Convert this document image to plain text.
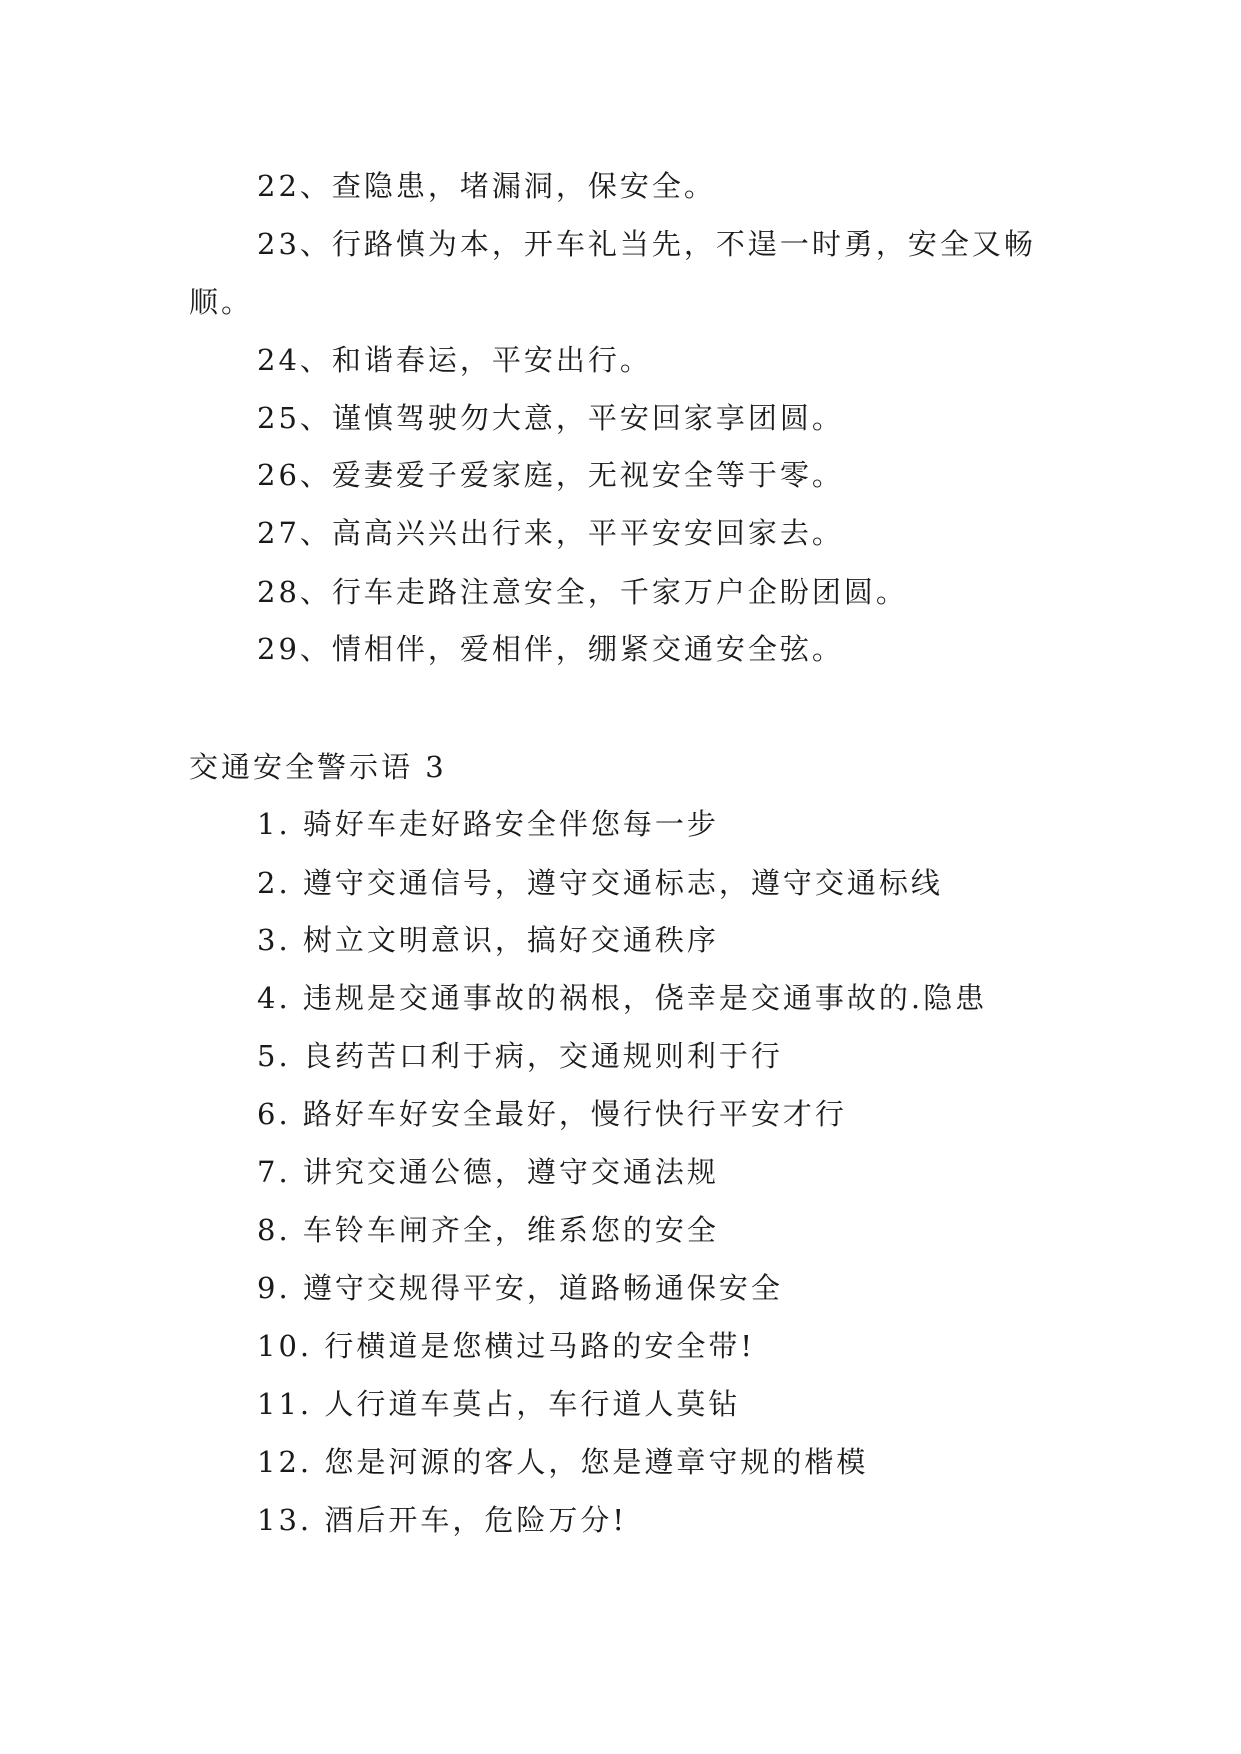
22、查隐患，堵漏洞，保安全。
23、行路慎为本，开车礼当先，不逞一时勇，安全又畅
顺。
24、和谐春运，平安出行。
25、谨慎驾驶勿大意，平安回家享团圆。
26、爱妻爱子爱家庭，无视安全等于零。
27、高高兴兴出行来，平平安安回家去。
28、行车走路注意安全，千家万户企盼团圆。
29、情相伴，爱相伴，绷紧交通安全弦。
交通安全警示语 3
1. 骑好车走好路安全伴您每一步
2. 遵守交通信号，遵守交通标志，遵守交通标线
3. 树立文明意识，搞好交通秩序
4. 违规是交通事故的祸根，侥幸是交通事故的.隐患
5. 良药苦口利于病，交通规则利于行
6. 路好车好安全最好，慢行快行平安才行
7. 讲究交通公德，遵守交通法规
8. 车铃车闸齐全，维系您的安全
9. 遵守交规得平安，道路畅通保安全
10. 行横道是您横过马路的安全带!
11. 人行道车莫占，车行道人莫钻
12. 您是河源的客人，您是遵章守规的楷模
13. 酒后开车，危险万分!
